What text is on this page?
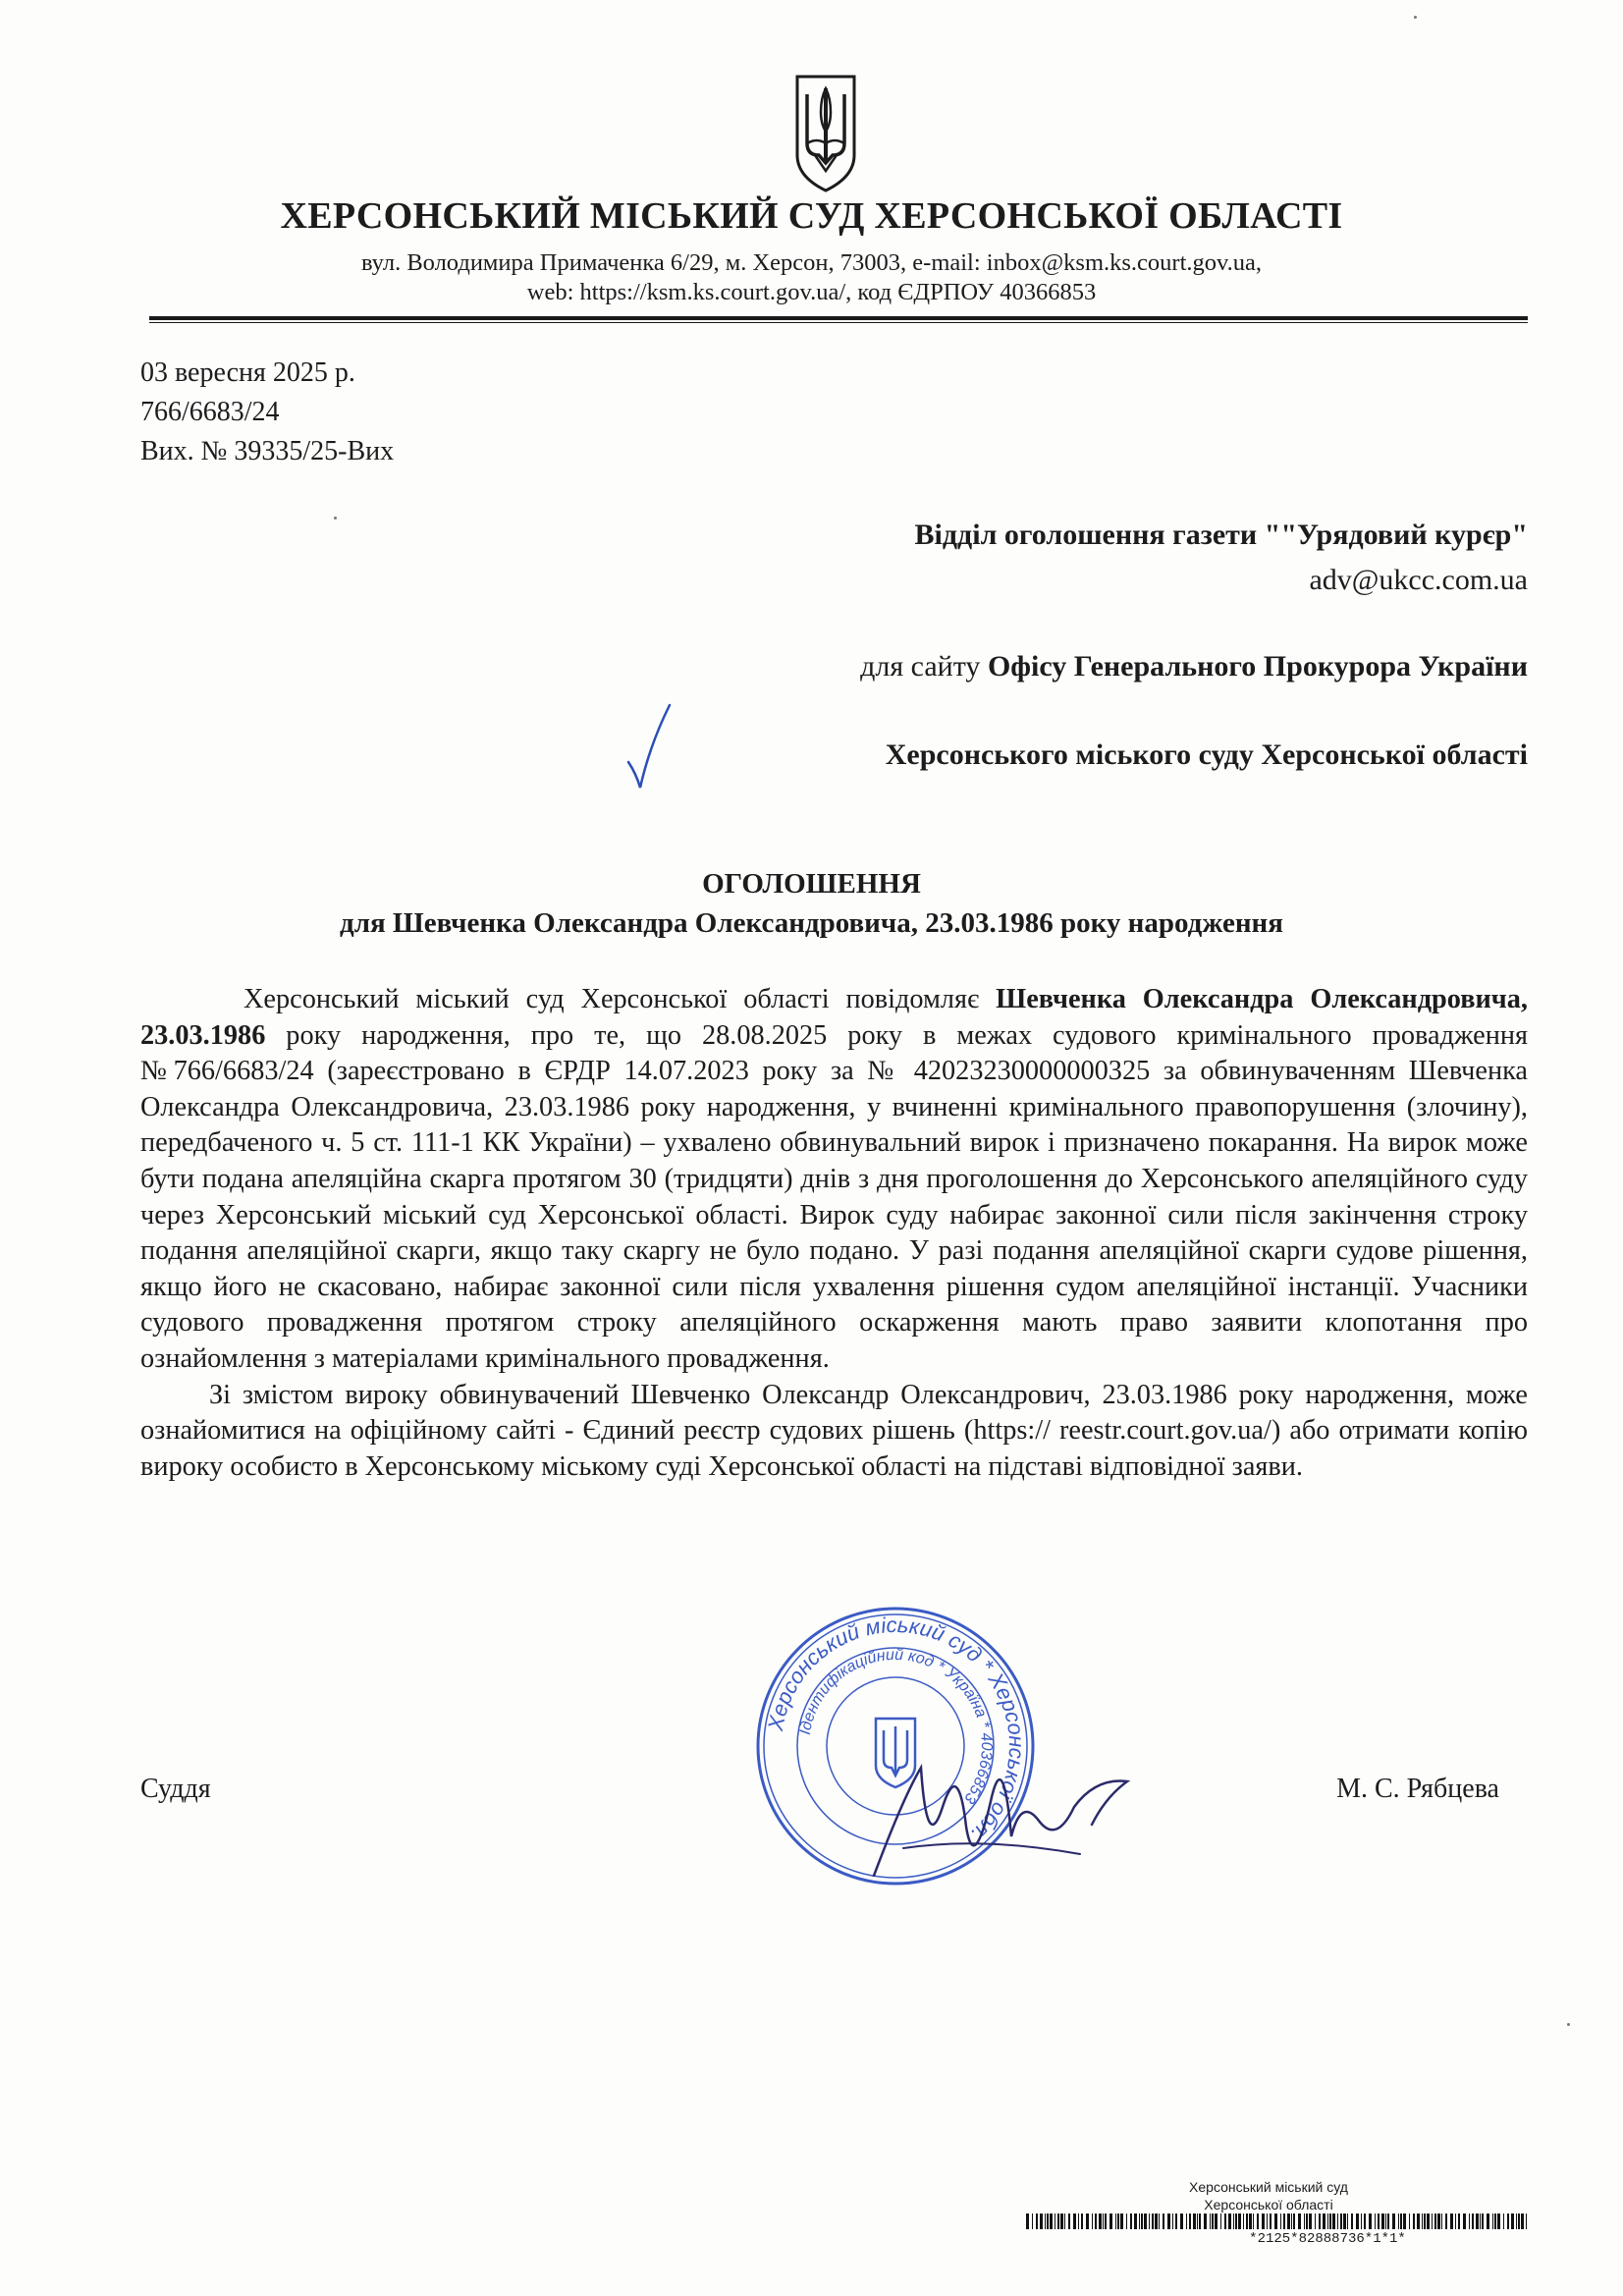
ХЕРСОНСЬКИЙ МІСЬКИЙ СУД ХЕРСОНСЬКОЇ ОБЛАСТІ
вул. Володимира Примаченка 6/29, м. Херсон, 73003, e-mail: inbox@ksm.ks.court.gov.ua,
web: https://ksm.ks.court.gov.ua/, код ЄДРПОУ 40366853
03 вересня 2025 р.
766/6683/24
Вих. № 39335/25-Вих
Відділ оголошення газети ""Урядовий курєр"
adv@ukcc.com.ua
для сайту Офісу Генерального Прокурора України
Херсонського міського суду Херсонської області
ОГОЛОШЕННЯ
для Шевченка Олександра Олександровича, 23.03.1986 року народження

Херсонський міський суд Херсонської області повідомляє Шевченка Олександра Олександровича, 23.03.1986 року народження, про те, що 28.08.2025 року в межах судового кримінального провадження №766/6683/24 (зареєстровано в ЄРДР 14.07.2023 року за № 42023230000000325 за обвинуваченням Шевченка Олександра Олександровича, 23.03.1986 року народження, у вчиненні кримінального правопорушення (злочину), передбаченого ч. 5 ст. 111-1 КК України) – ухвалено обвинувальний вирок і призначено покарання. На вирок може бути подана апеляційна скарга протягом 30 (тридцяти) днів з дня проголошення до Херсонського апеляційного суду через Херсонський міський суд Херсонської області. Вирок суду набирає законної сили після закінчення строку подання апеляційної скарги, якщо таку скаргу не було подано. У разі подання апеляційної скарги судове рішення, якщо його не скасовано, набирає законної сили після ухвалення рішення судом апеляційної інстанції. Учасники судового провадження протягом строку апеляційного оскарження мають право заявити клопотання про ознайомлення з матеріалами кримінального провадження.

Зі змістом вироку обвинувачений Шевченко Олександр Олександрович, 23.03.1986 року народження, може ознайомитися на офіційному сайті - Єдиний реєстр судових рішень (https:// reestr.court.gov.ua/) або отримати копію вироку особисто в Херсонському міському суді Херсонської області на підставі відповідної заяви.

Херсонський міський суд * Херсонської обл.
Ідентифікаційний код * Україна * 40366853
Суддя	М. С. Рябцева
Херсонський міський суд
Херсонської області
*2125*82888736*1*1*
